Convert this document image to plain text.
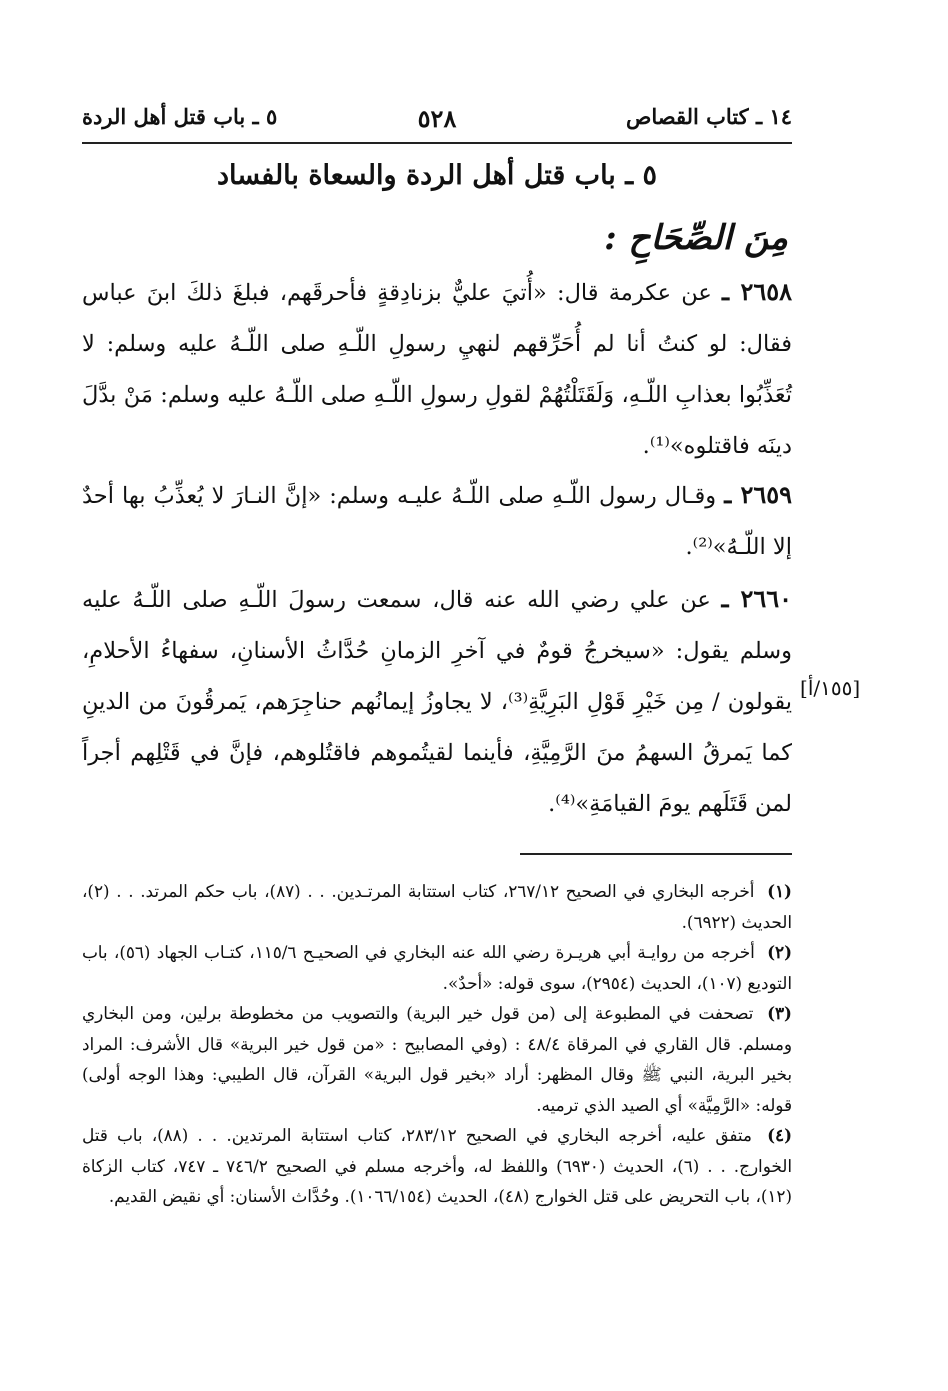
١٤ ـ كتاب القصاص
٥٢٨
٥ ـ باب قتل أهل الردة
٥ ـ باب قتل أهل الردة والسعاة بالفساد
مِنَ الصِّحَاحِ :
٢٦٥٨ ـ عن عكرمة قال: «أُتيَ عليٌّ بزنادِقةٍ فأحرقَهم، فبلغَ ذلكَ ابنَ عباس فقال: لو كنتُ أنا لم أُحَرِّقهم لنهيِ رسولِ اللّـهِ صلى اللّـهُ عليه وسلم: لا تُعَذِّبُوا بعذابِ اللّـهِ، وَلَقَتَلْتُهُمْ لقولِ رسولِ اللّـهِ صلى اللّـهُ عليه وسلم: مَنْ بدَّلَ دينَه فاقتلوه»⁽¹⁾.
٢٦٥٩ ـ وقـال رسول اللّـهِ صلى اللّـهُ عليـه وسلم: «إنَّ النـارَ لا يُعذِّبُ بها أحدٌ إلا اللّـهُ»⁽²⁾.
٢٦٦٠ ـ عن علي رضي الله عنه قال، سمعت رسولَ اللّـهِ صلى اللّـهُ عليه وسلم يقول: «سيخرجُ قومٌ في آخرِ الزمانِ حُدَّاثُ الأسنانِ، سفهاءُ الأحلامِ، يقولون / مِن خَيْرِ قَوْلِ البَرِيَّةِ⁽³⁾، لا يجاوزُ إيمانُهم حناجِرَهم، يَمرقُونَ من الدينِ كما يَمرقُ السهمُ منَ الرَّمِيَّةِ، فأينما لقيتُموهم فاقتُلوهم، فإنَّ في قَتْلِهم أجراً لمن قَتَلَهم يومَ القيامَةِ»⁽⁴⁾.
[١٥٥/أ]

(١) أخرجه البخاري في الصحيح ٢٦٧/١٢، كتاب استتابة المرتـدين. . . (٨٧)، باب حكم المرتد. . . (٢)، الحديث (٦٩٢٢).

(٢) أخرجه من روايـة أبي هريـرة رضي الله عنه البخاري في الصحيـح ١١٥/٦، كتـاب الجهاد (٥٦)، باب التوديع (١٠٧)، الحديث (٢٩٥٤)، سوى قوله: «أحدٌ».

(٣) تصحفت في المطبوعة إلى (من قول خير البرية) والتصويب من مخطوطة برلين، ومن البخاري ومسلم. قال القاري في المرقاة ٤٨/٤ : (وفي المصابيح : «من قول خير البرية» قال الأشرف: المراد بخير البرية، النبي ﷺ وقال المظهر: أراد «بخير قول البرية» القرآن، قال الطيبي: وهذا الوجه أولى) قوله: «الرَّمِيَّة» أي الصيد الذي ترميه.

(٤) متفق عليه، أخرجه البخاري في الصحيح ٢٨٣/١٢، كتاب استتابة المرتدين. . . (٨٨)، باب قتل الخوارج. . . (٦)، الحديث (٦٩٣٠) واللفظ له، وأخرجه مسلم في الصحيح ٧٤٦/٢ ـ ٧٤٧، كتاب الزكاة (١٢)، باب التحريض على قتل الخوارج (٤٨)، الحديث (١٠٦٦/١٥٤). وحُدَّاث الأسنان: أي نقيض القديم.
